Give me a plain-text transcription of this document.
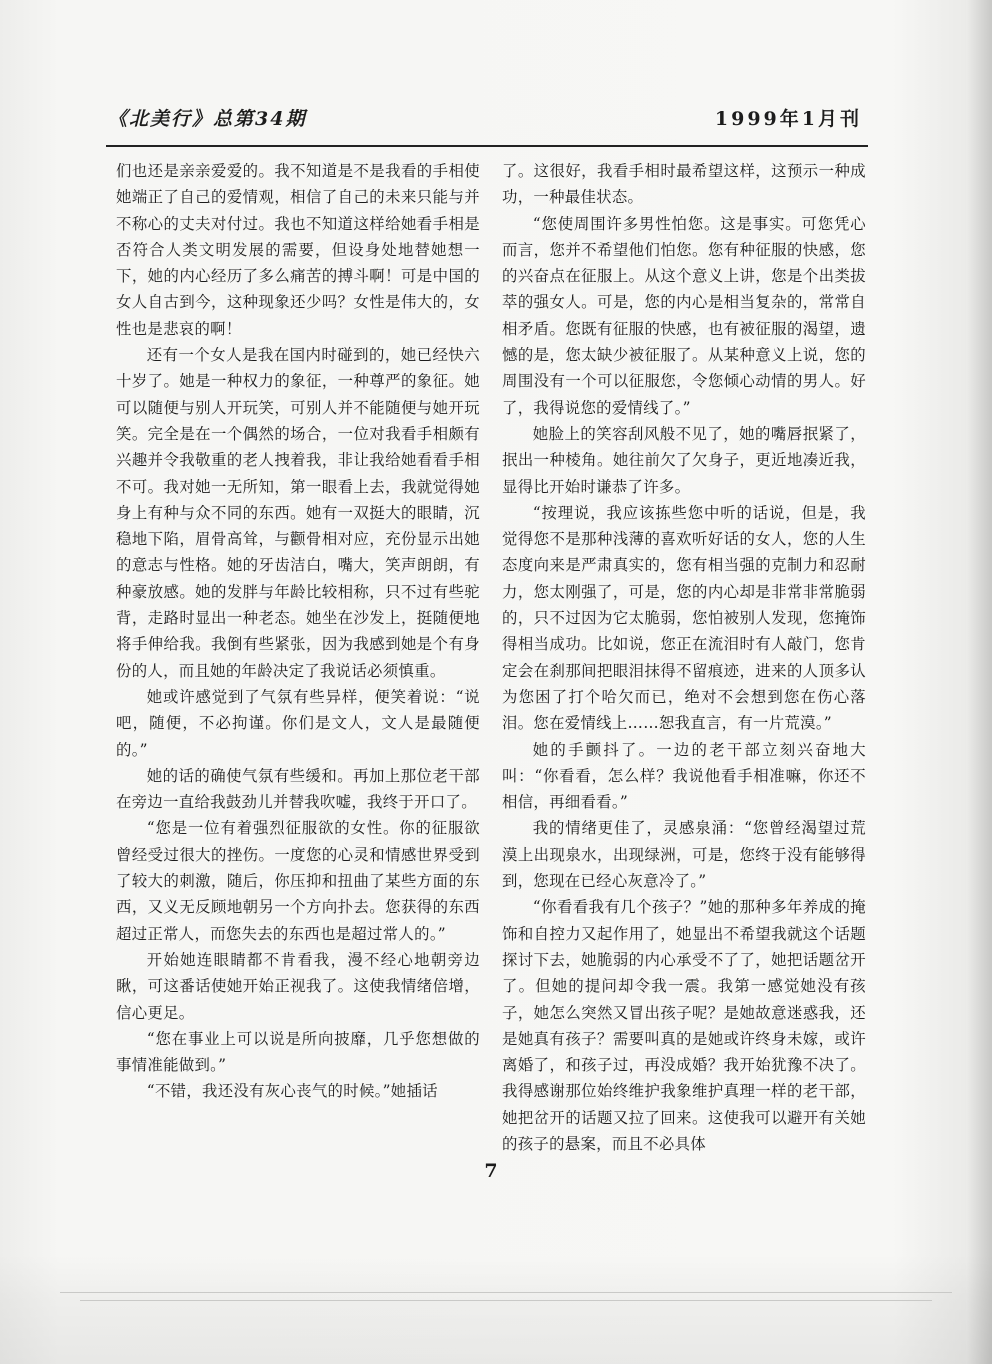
《北美行》总第34期	1999年1月刊

们也还是亲亲爱爱的。我不知道是不是我看的手相使她端正了自己的爱情观，相信了自己的未来只能与并不称心的丈夫对付过。我也不知道这样给她看手相是否符合人类文明发展的需要，但设身处地替她想一下，她的内心经历了多么痛苦的搏斗啊！可是中国的女人自古到今，这种现象还少吗？女性是伟大的，女性也是悲哀的啊！

还有一个女人是我在国内时碰到的，她已经快六十岁了。她是一种权力的象征，一种尊严的象征。她可以随便与别人开玩笑，可别人并不能随便与她开玩笑。完全是在一个偶然的场合，一位对我看手相颇有兴趣并令我敬重的老人拽着我，非让我给她看看手相不可。我对她一无所知，第一眼看上去，我就觉得她身上有种与众不同的东西。她有一双挺大的眼睛，沉稳地下陷，眉骨高耸，与颧骨相对应，充份显示出她的意志与性格。她的牙齿洁白，嘴大，笑声朗朗，有种豪放感。她的发胖与年龄比较相称，只不过有些驼背，走路时显出一种老态。她坐在沙发上，挺随便地将手伸给我。我倒有些紧张，因为我感到她是个有身份的人，而且她的年龄决定了我说话必须慎重。

她或许感觉到了气氛有些异样，便笑着说：“说吧，随便，不必拘谨。你们是文人，文人是最随便的。”

她的话的确使气氛有些缓和。再加上那位老干部在旁边一直给我鼓劲儿并替我吹嘘，我终于开口了。

“您是一位有着强烈征服欲的女性。你的征服欲曾经受过很大的挫伤。一度您的心灵和情感世界受到了较大的刺激，随后，你压抑和扭曲了某些方面的东西，又义无反顾地朝另一个方向扑去。您获得的东西超过正常人，而您失去的东西也是超过常人的。”

开始她连眼睛都不肯看我，漫不经心地朝旁边瞅，可这番话使她开始正视我了。这使我情绪倍增，信心更足。

“您在事业上可以说是所向披靡，几乎您想做的事情准能做到。”

“不错，我还没有灰心丧气的时候。”她插话

了。这很好，我看手相时最希望这样，这预示一种成功，一种最佳状态。

“您使周围许多男性怕您。这是事实。可您凭心而言，您并不希望他们怕您。您有种征服的快感，您的兴奋点在征服上。从这个意义上讲，您是个出类拔萃的强女人。可是，您的内心是相当复杂的，常常自相矛盾。您既有征服的快感，也有被征服的渴望，遗憾的是，您太缺少被征服了。从某种意义上说，您的周围没有一个可以征服您，令您倾心动情的男人。好了，我得说您的爱情线了。”

她脸上的笑容刮风般不见了，她的嘴唇抿紧了，抿出一种棱角。她往前欠了欠身子，更近地凑近我，显得比开始时谦恭了许多。

“按理说，我应该拣些您中听的话说，但是，我觉得您不是那种浅薄的喜欢听好话的女人，您的人生态度向来是严肃真实的，您有相当强的克制力和忍耐力，您太刚强了，可是，您的内心却是非常非常脆弱的，只不过因为它太脆弱，您怕被别人发现，您掩饰得相当成功。比如说，您正在流泪时有人敲门，您肯定会在刹那间把眼泪抹得不留痕迹，进来的人顶多认为您困了打个哈欠而已，绝对不会想到您在伤心落泪。您在爱情线上……恕我直言，有一片荒漠。”

她的手颤抖了。一边的老干部立刻兴奋地大叫：“你看看，怎么样？我说他看手相准嘛，你还不相信，再细看看。”

我的情绪更佳了，灵感泉涌：“您曾经渴望过荒漠上出现泉水，出现绿洲，可是，您终于没有能够得到，您现在已经心灰意冷了。”

“你看看我有几个孩子？”她的那种多年养成的掩饰和自控力又起作用了，她显出不希望我就这个话题探讨下去，她脆弱的内心承受不了了，她把话题岔开了。但她的提问却令我一震。我第一感觉她没有孩子，她怎么突然又冒出孩子呢？是她故意迷惑我，还是她真有孩子？需要叫真的是她或许终身未嫁，或许离婚了，和孩子过，再没成婚？我开始犹豫不决了。我得感谢那位始终维护我象维护真理一样的老干部，她把岔开的话题又拉了回来。这使我可以避开有关她的孩子的悬案，而且不必具体

7
